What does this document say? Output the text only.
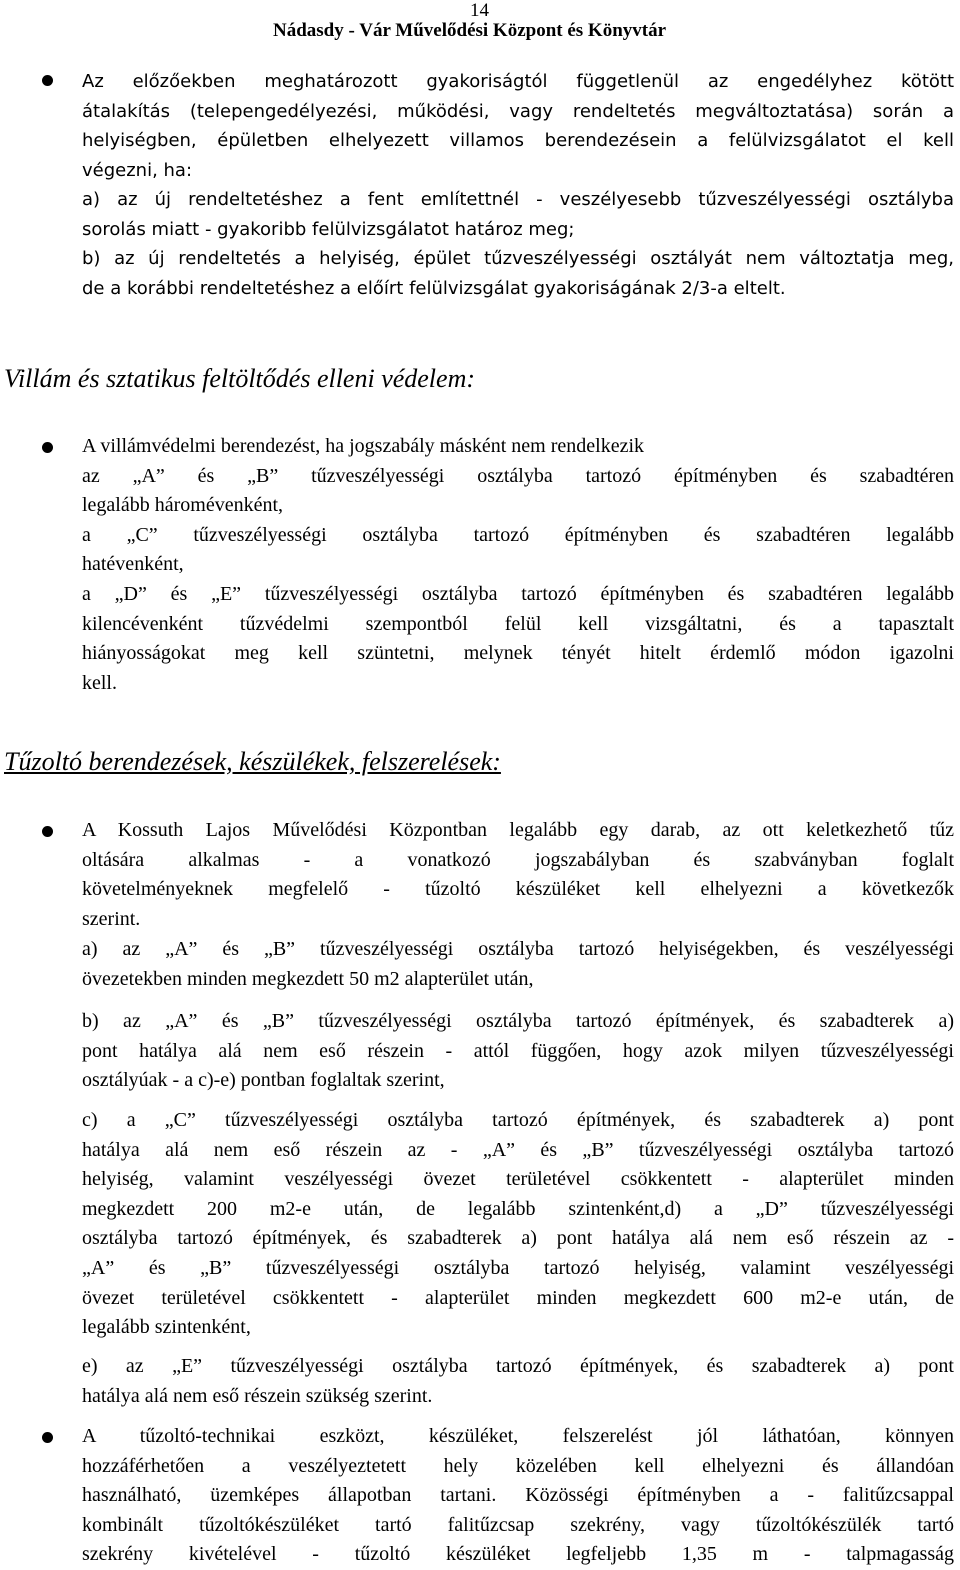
14
Nádasdy - Vár Művelődési Központ és Könyvtár
Az előzőekben meghatározott gyakoriságtól függetlenül az engedélyhez kötött
átalakítás (telepengedélyezési, működési, vagy rendeltetés megváltoztatása) során a
helyiségben, épületben elhelyezett villamos berendezésein a felülvizsgálatot el kell
végezni, ha:
a) az új rendeltetéshez a fent említettnél - veszélyesebb tűzveszélyességi osztályba
sorolás miatt - gyakoribb felülvizsgálatot határoz meg;
b) az új rendeltetés a helyiség, épület tűzveszélyességi osztályát nem változtatja meg,
de a korábbi rendeltetéshez a előírt felülvizsgálat gyakoriságának 2/3-a eltelt.
Villám és sztatikus feltöltődés elleni védelem:
A villámvédelmi berendezést, ha jogszabály másként nem rendelkezik
az „A” és „B” tűzveszélyességi osztályba tartozó építményben és szabadtéren
legalább háromévenként,
a „C” tűzveszélyességi osztályba tartozó építményben és szabadtéren legalább
hatévenként,
a „D” és „E” tűzveszélyességi osztályba tartozó építményben és szabadtéren legalább
kilencévenként tűzvédelmi szempontból felül kell vizsgáltatni, és a tapasztalt
hiányosságokat meg kell szüntetni, melynek tényét hitelt érdemlő módon igazolni
kell.
Tűzoltó berendezések, készülékek, felszerelések:
A Kossuth Lajos Művelődési Központban legalább egy darab, az ott keletkezhető tűz
oltására alkalmas - a vonatkozó jogszabályban és szabványban foglalt
követelményeknek megfelelő - tűzoltó készüléket kell elhelyezni a következők
szerint.
a) az „A” és „B” tűzveszélyességi osztályba tartozó helyiségekben, és veszélyességi
övezetekben minden megkezdett 50 m2 alapterület után,
b) az „A” és „B” tűzveszélyességi osztályba tartozó építmények, és szabadterek a)
pont hatálya alá nem eső részein - attól függően, hogy azok milyen tűzveszélyességi
osztályúak - a c)-e) pontban foglaltak szerint,
c) a „C” tűzveszélyességi osztályba tartozó építmények, és szabadterek a) pont
hatálya alá nem eső részein az - „A” és „B” tűzveszélyességi osztályba tartozó
helyiség, valamint veszélyességi övezet területével csökkentett - alapterület minden
megkezdett 200 m2-e után, de legalább szintenként,d) a „D” tűzveszélyességi
osztályba tartozó építmények, és szabadterek a) pont hatálya alá nem eső részein az -
„A” és „B” tűzveszélyességi osztályba tartozó helyiség, valamint veszélyességi
övezet területével csökkentett - alapterület minden megkezdett 600 m2-e után, de
legalább szintenként,
e) az „E” tűzveszélyességi osztályba tartozó építmények, és szabadterek a) pont
hatálya alá nem eső részein szükség szerint.
A tűzoltó-technikai eszközt, készüléket, felszerelést jól láthatóan, könnyen
hozzáférhetően a veszélyeztetett hely közelében kell elhelyezni és állandóan
használható, üzemképes állapotban tartani. Közösségi építményben a - falitűzcsappal
kombinált tűzoltókészüléket tartó falitűzcsap szekrény, vagy tűzoltókészülék tartó
szekrény kivételével - tűzoltó készüléket legfeljebb 1,35 m - talpmagasság
